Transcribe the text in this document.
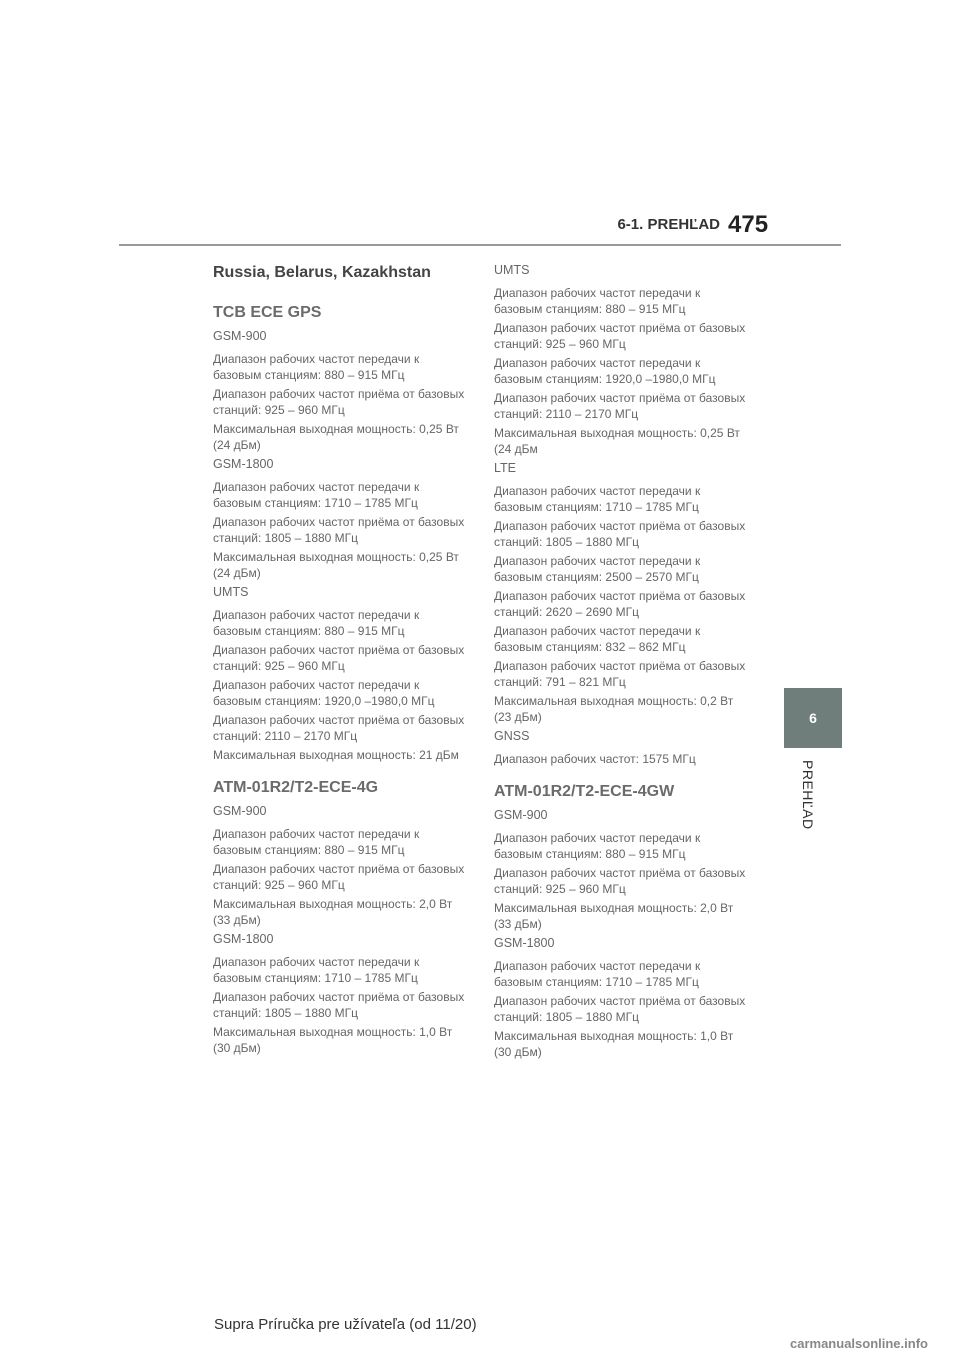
6-1. PREHĽAD 475
6
PREHĽAD
Russia, Belarus, Kazakhstan
TCB ECE GPS
GSM-900
Диапазон рабочих частот передачи к базовым станциям: 880 – 915 МГц
Диапазон рабочих частот приёма от базовых станций: 925 – 960 МГц
Максимальная выходная мощность: 0,25 Вт (24 дБм)
GSM-1800
Диапазон рабочих частот передачи к базовым станциям: 1710 – 1785 МГц
Диапазон рабочих частот приёма от базовых станций: 1805 – 1880 МГц
Максимальная выходная мощность: 0,25 Вт (24 дБм)
UMTS
Диапазон рабочих частот передачи к базовым станциям: 880 – 915 МГц
Диапазон рабочих частот приёма от базовых станций: 925 – 960 МГц
Диапазон рабочих частот передачи к базовым станциям: 1920,0 –1980,0 МГц
Диапазон рабочих частот приёма от базовых станций: 2110 – 2170 МГц
Максимальная выходная мощность: 21 дБм
ATM-01R2/T2-ECE-4G
GSM-900
Диапазон рабочих частот передачи к базовым станциям: 880 – 915 МГц
Диапазон рабочих частот приёма от базовых станций: 925 – 960 МГц
Максимальная выходная мощность: 2,0 Вт (33 дБм)
GSM-1800
Диапазон рабочих частот передачи к базовым станциям: 1710 – 1785 МГц
Диапазон рабочих частот приёма от базовых станций: 1805 – 1880 МГц
Максимальная выходная мощность: 1,0 Вт (30 дБм)
UMTS
Диапазон рабочих частот передачи к базовым станциям: 880 – 915 МГц
Диапазон рабочих частот приёма от базовых станций: 925 – 960 МГц
Диапазон рабочих частот передачи к базовым станциям: 1920,0 –1980,0 МГц
Диапазон рабочих частот приёма от базовых станций: 2110 – 2170 МГц
Максимальная выходная мощность: 0,25 Вт (24 дБм
LTE
Диапазон рабочих частот передачи к базовым станциям: 1710 – 1785 МГц
Диапазон рабочих частот приёма от базовых станций: 1805 – 1880 МГц
Диапазон рабочих частот передачи к базовым станциям: 2500 – 2570 МГц
Диапазон рабочих частот приёма от базовых станций: 2620 – 2690 МГц
Диапазон рабочих частот передачи к базовым станциям: 832 – 862 МГц
Диапазон рабочих частот приёма от базовых станций: 791 – 821 МГц
Максимальная выходная мощность: 0,2 Вт (23 дБм)
GNSS
Диапазон рабочих частот: 1575 МГц
ATM-01R2/T2-ECE-4GW
GSM-900
Диапазон рабочих частот передачи к базовым станциям: 880 – 915 МГц
Диапазон рабочих частот приёма от базовых станций: 925 – 960 МГц
Максимальная выходная мощность: 2,0 Вт (33 дБм)
GSM-1800
Диапазон рабочих частот передачи к базовым станциям: 1710 – 1785 МГц
Диапазон рабочих частот приёма от базовых станций: 1805 – 1880 МГц
Максимальная выходная мощность: 1,0 Вт (30 дБм)
Supra Príručka pre užívateľa (od 11/20)
carmanualsonline.info
